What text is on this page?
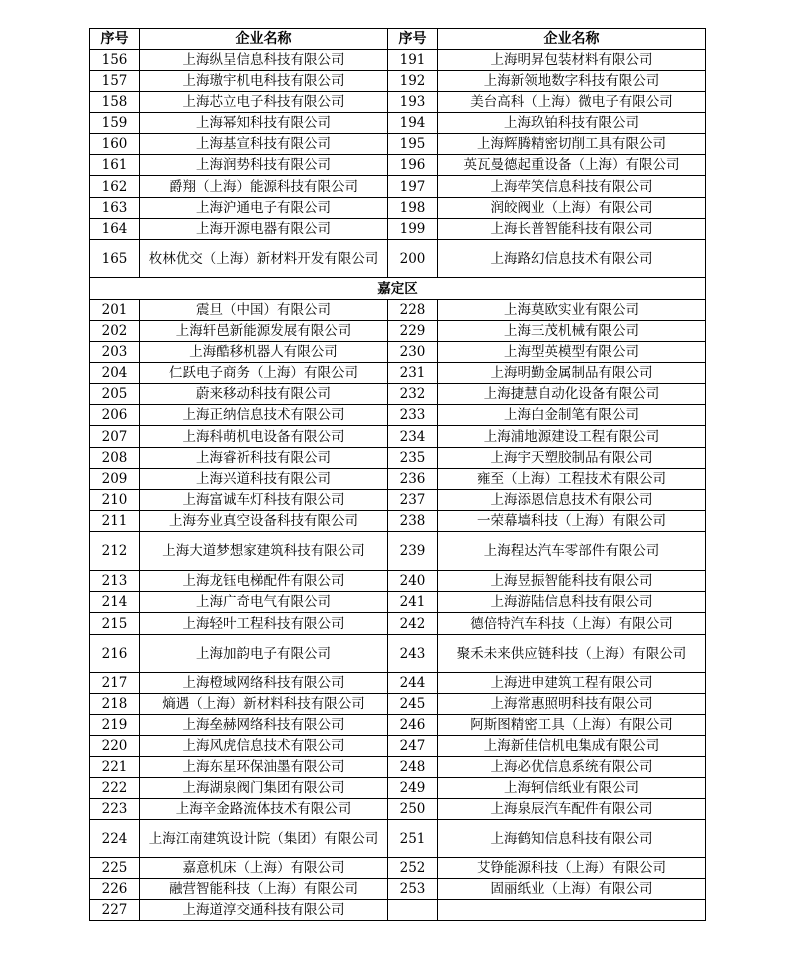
序号	企业名称	序号	企业名称
156	上海纵呈信息科技有限公司	191	上海明昇包装材料有限公司
157	上海璈宇机电科技有限公司	192	上海新领地数字科技有限公司
158	上海芯立电子科技有限公司	193	美台高科（上海）微电子有限公司
159	上海幂知科技有限公司	194	上海玖铂科技有限公司
160	上海基宣科技有限公司	195	上海辉腾精密切削工具有限公司
161	上海润势科技有限公司	196	英瓦曼德起重设备（上海）有限公司
162	爵翔（上海）能源科技有限公司	197	上海荦笑信息科技有限公司
163	上海沪通电子有限公司	198	润皎阀业（上海）有限公司
164	上海开源电器有限公司	199	上海长普智能科技有限公司
165	枚林优交（上海）新材料开发有限公司	200	上海路幻信息技术有限公司
嘉定区			
201	震旦（中国）有限公司	228	上海莫欧实业有限公司
202	上海轩邑新能源发展有限公司	229	上海三茂机械有限公司
203	上海酷移机器人有限公司	230	上海型英模型有限公司
204	仁跃电子商务（上海）有限公司	231	上海明勤金属制品有限公司
205	蔚来移动科技有限公司	232	上海捷慧自动化设备有限公司
206	上海正纳信息技术有限公司	233	上海白金制笔有限公司
207	上海科萌机电设备有限公司	234	上海浦地源建设工程有限公司
208	上海睿祈科技有限公司	235	上海宇天塑胶制品有限公司
209	上海兴道科技有限公司	236	雍至（上海）工程技术有限公司
210	上海富诚车灯科技有限公司	237	上海添恩信息技术有限公司
211	上海夯业真空设备科技有限公司	238	一荣幕墙科技（上海）有限公司
212	上海大道梦想家建筑科技有限公司	239	上海程达汽车零部件有限公司
213	上海龙钰电梯配件有限公司	240	上海昱振智能科技有限公司
214	上海广奇电气有限公司	241	上海游陆信息科技有限公司
215	上海轻叶工程科技有限公司	242	德倍特汽车科技（上海）有限公司
216	上海加韵电子有限公司	243	聚禾未来供应链科技（上海）有限公司
217	上海橙域网络科技有限公司	244	上海进申建筑工程有限公司
218	熵遇（上海）新材料科技有限公司	245	上海常惠照明科技有限公司
219	上海垒赫网络科技有限公司	246	阿斯图精密工具（上海）有限公司
220	上海风虎信息技术有限公司	247	上海新佳信机电集成有限公司
221	上海东星环保油墨有限公司	248	上海必优信息系统有限公司
222	上海湖泉阀门集团有限公司	249	上海轲信纸业有限公司
223	上海辛金路流体技术有限公司	250	上海泉辰汽车配件有限公司
224	上海江南建筑设计院（集团）有限公司	251	上海鹤知信息科技有限公司
225	嘉意机床（上海）有限公司	252	艾铮能源科技（上海）有限公司
226	融营智能科技（上海）有限公司	253	固丽纸业（上海）有限公司
227	上海道淳交通科技有限公司		
